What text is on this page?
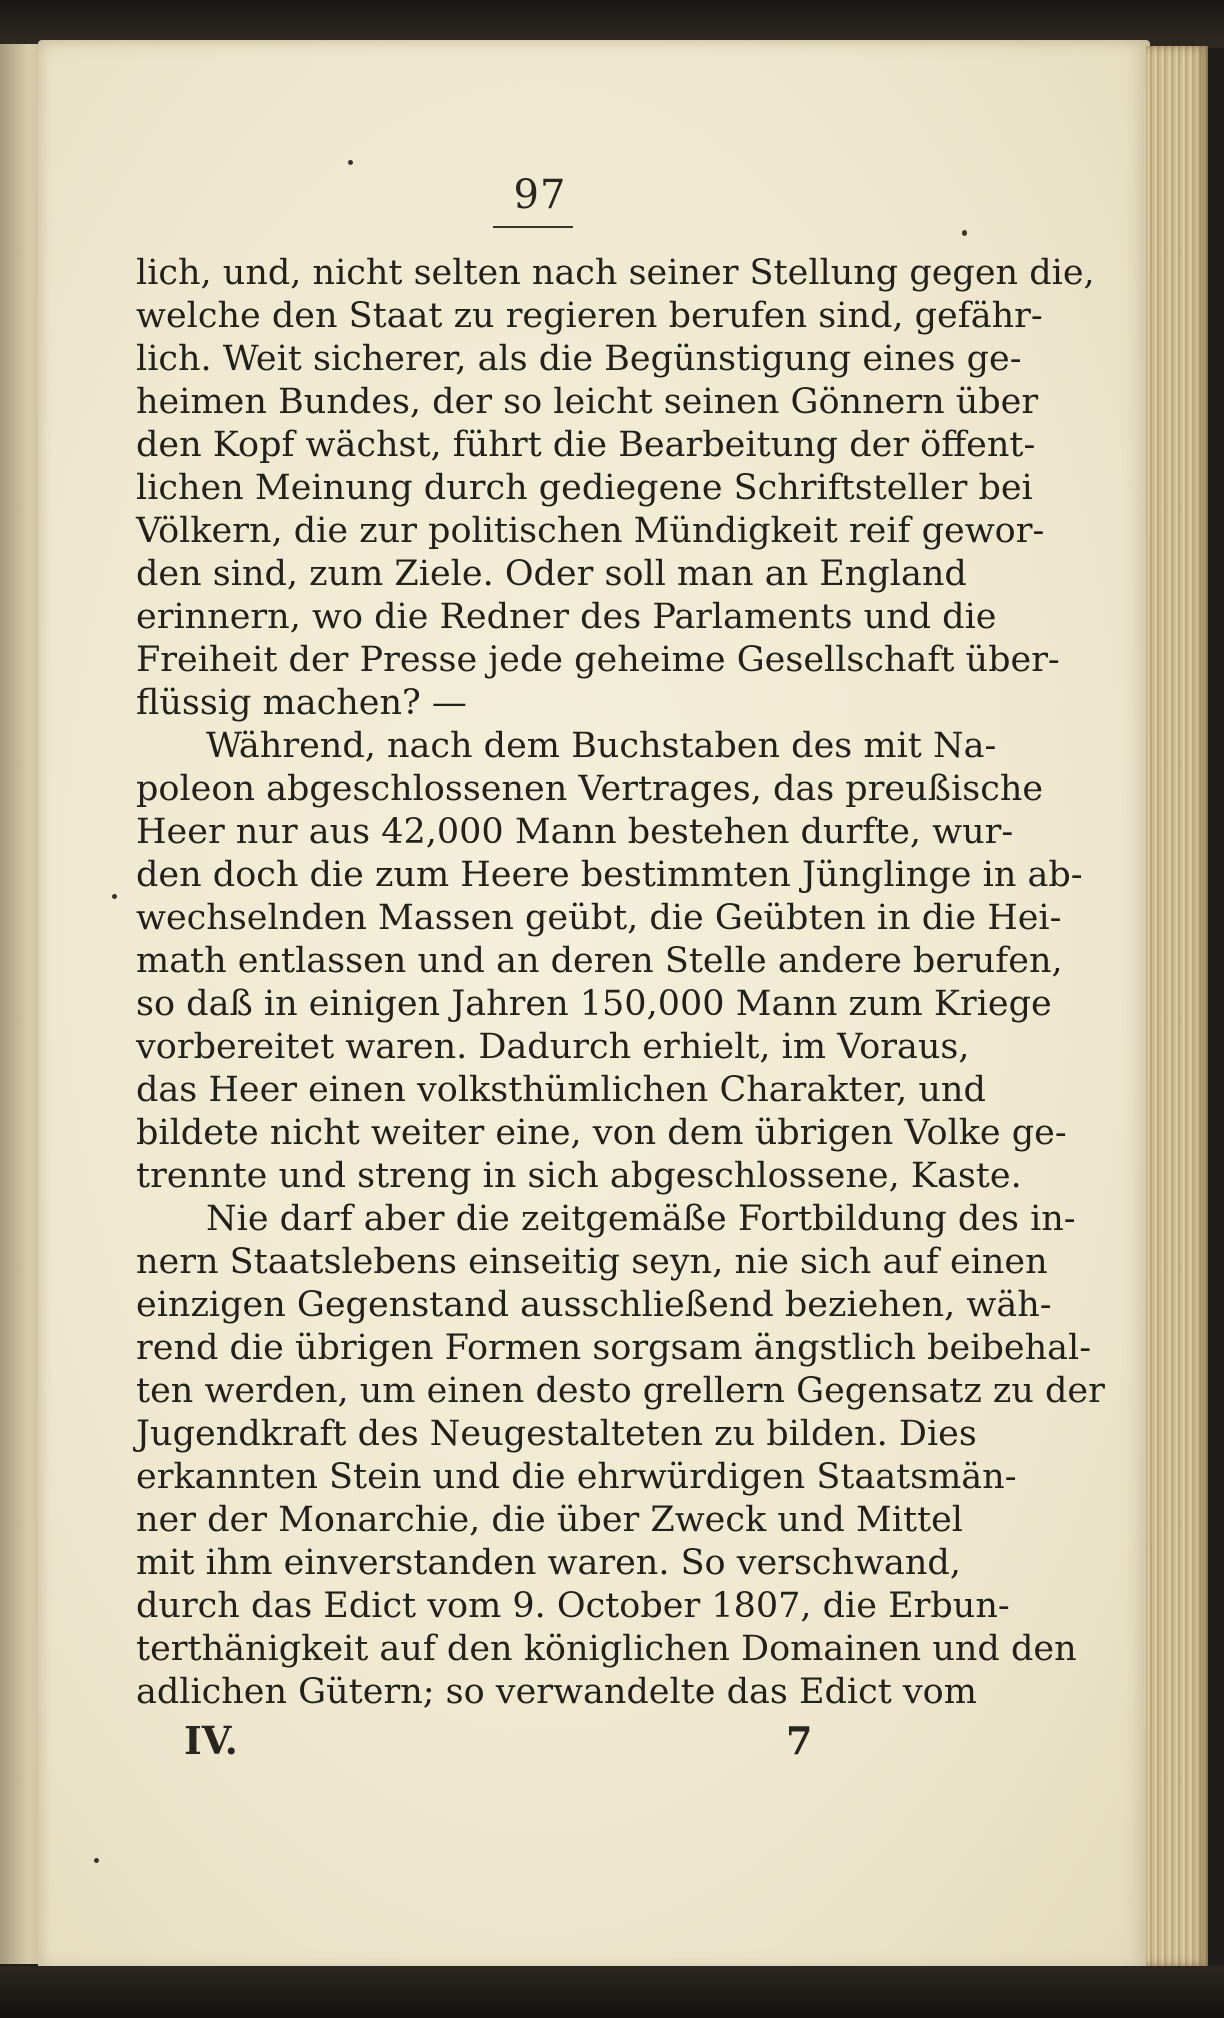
97
lich, und, nicht selten nach seiner Stellung gegen die,
welche den Staat zu regieren berufen sind, gefähr-
lich. Weit sicherer, als die Begünstigung eines ge-
heimen Bundes, der so leicht seinen Gönnern über
den Kopf wächst, führt die Bearbeitung der öffent-
lichen Meinung durch gediegene Schriftsteller bei
Völkern, die zur politischen Mündigkeit reif gewor-
den sind, zum Ziele. Oder soll man an England
erinnern, wo die Redner des Parlaments und die
Freiheit der Presse jede geheime Gesellschaft über-
flüssig machen? —
Während, nach dem Buchstaben des mit Na-
poleon abgeschlossenen Vertrages, das preußische
Heer nur aus 42,000 Mann bestehen durfte, wur-
den doch die zum Heere bestimmten Jünglinge in ab-
wechselnden Massen geübt, die Geübten in die Hei-
math entlassen und an deren Stelle andere berufen,
so daß in einigen Jahren 150,000 Mann zum Kriege
vorbereitet waren. Dadurch erhielt, im Voraus,
das Heer einen volksthümlichen Charakter, und
bildete nicht weiter eine, von dem übrigen Volke ge-
trennte und streng in sich abgeschlossene, Kaste.
Nie darf aber die zeitgemäße Fortbildung des in-
nern Staatslebens einseitig seyn, nie sich auf einen
einzigen Gegenstand ausschließend beziehen, wäh-
rend die übrigen Formen sorgsam ängstlich beibehal-
ten werden, um einen desto grellern Gegensatz zu der
Jugendkraft des Neugestalteten zu bilden. Dies
erkannten Stein und die ehrwürdigen Staatsmän-
ner der Monarchie, die über Zweck und Mittel
mit ihm einverstanden waren. So verschwand,
durch das Edict vom 9. October 1807, die Erbun-
terthänigkeit auf den königlichen Domainen und den
adlichen Gütern; so verwandelte das Edict vom
IV.	7
